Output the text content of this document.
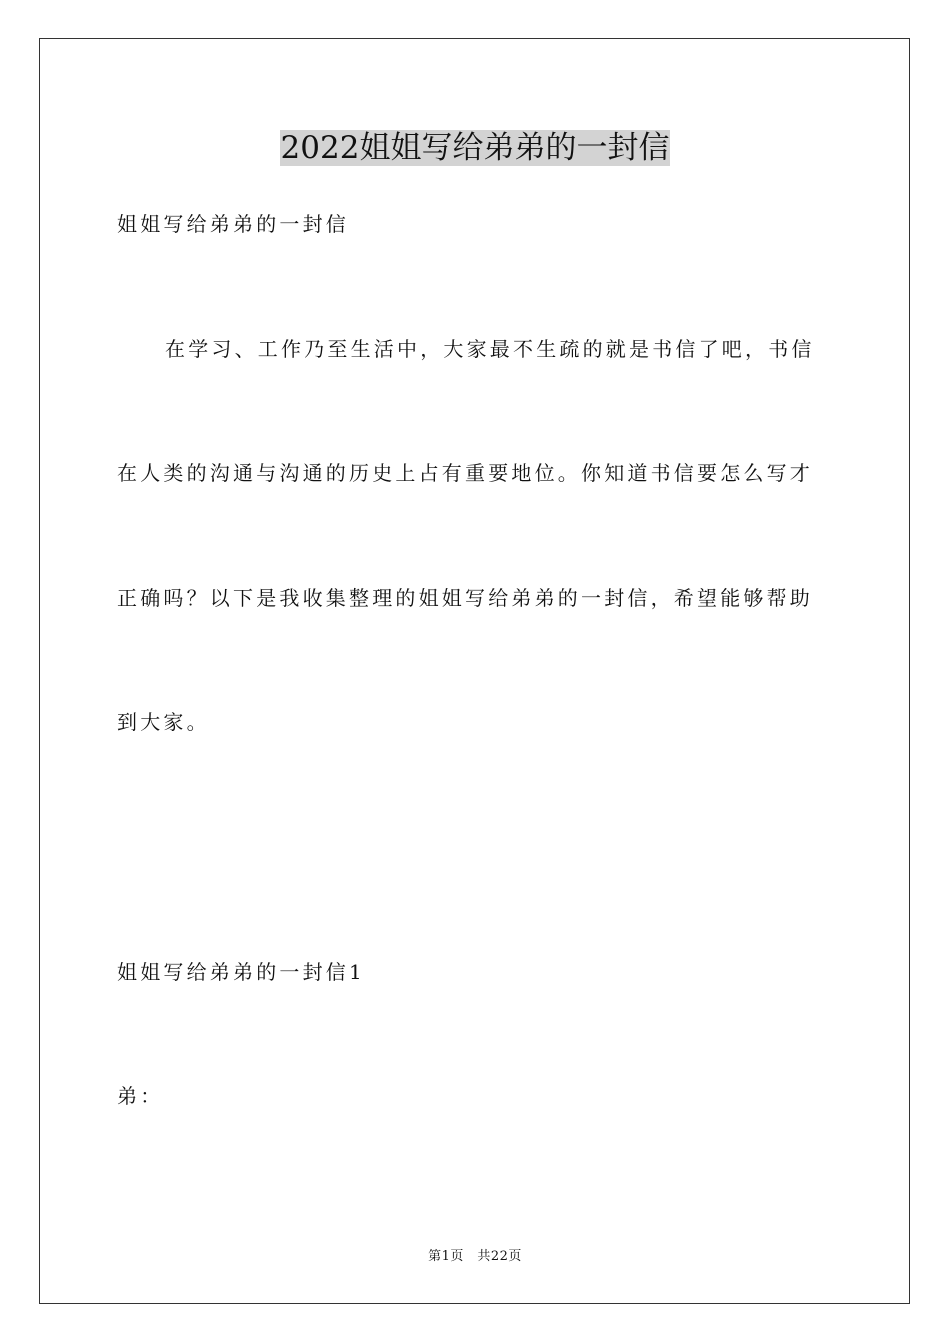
2022姐姐写给弟弟的一封信
姐姐写给弟弟的一封信
在学习、工作乃至生活中，大家最不生疏的就是书信了吧，书信
在人类的沟通与沟通的历史上占有重要地位。你知道书信要怎么写才
正确吗？以下是我收集整理的姐姐写给弟弟的一封信，希望能够帮助
到大家。
姐姐写给弟弟的一封信1
弟：
第1页　共22页
